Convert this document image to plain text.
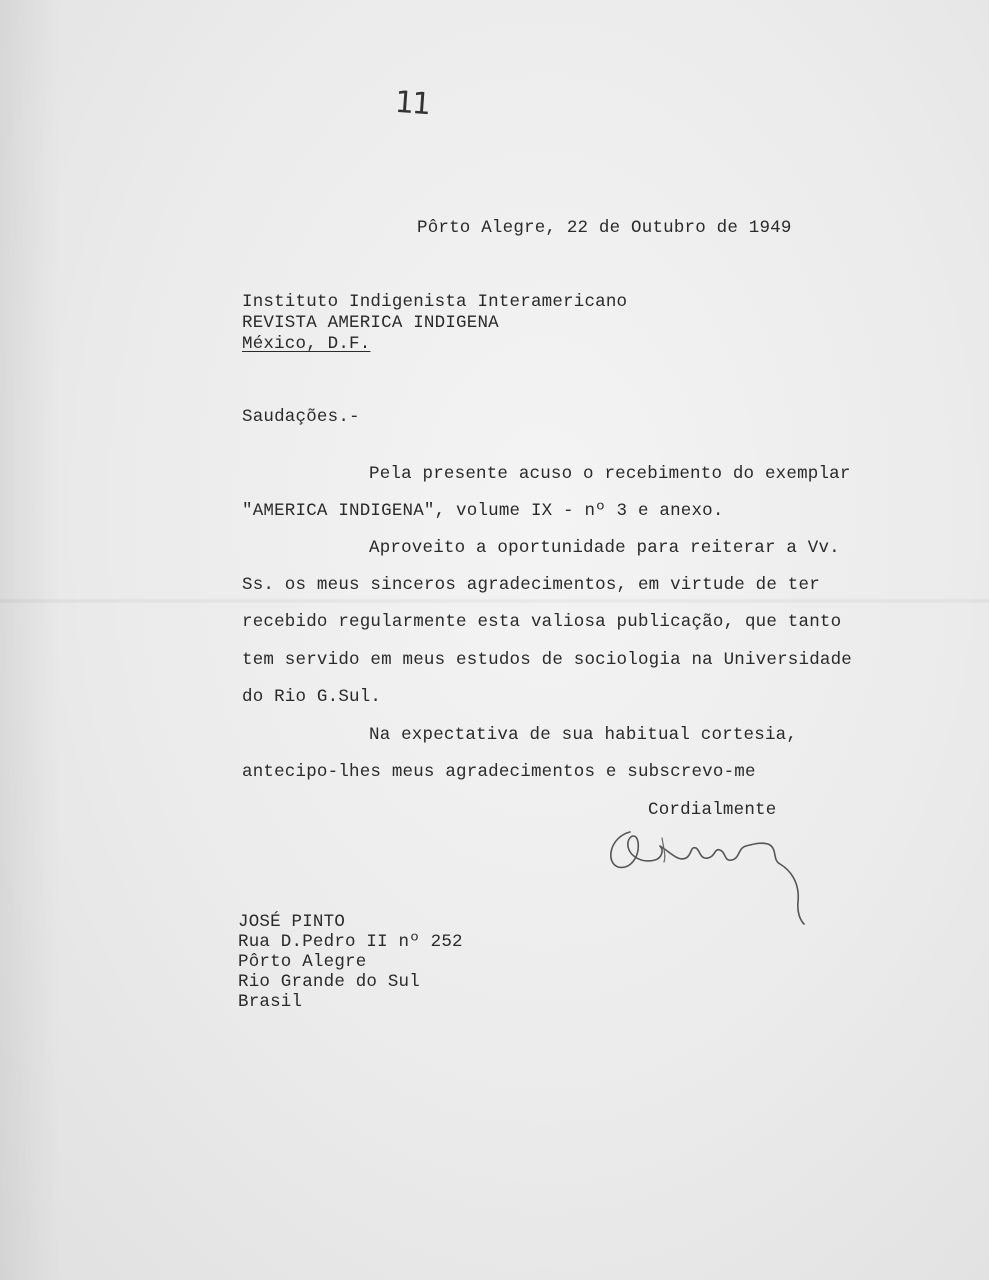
11
Pôrto Alegre, 22 de Outubro de 1949
Instituto Indigenista Interamericano
REVISTA AMERICA INDIGENA
México, D.F.
Saudações.-
Pela presente acuso o recebimento do exemplar
"AMERICA INDIGENA", volume IX - nº 3 e anexo.
Aproveito a oportunidade para reiterar a Vv.
Ss. os meus sinceros agradecimentos, em virtude de ter
recebido regularmente esta valiosa publicação, que tanto
tem servido em meus estudos de sociologia na Universidade
do Rio G.Sul.
Na expectativa de sua habitual cortesia,
antecipo-lhes meus agradecimentos e subscrevo-me
Cordialmente
JOSÉ PINTO
Rua D.Pedro II nº 252
Pôrto Alegre
Rio Grande do Sul
Brasil
